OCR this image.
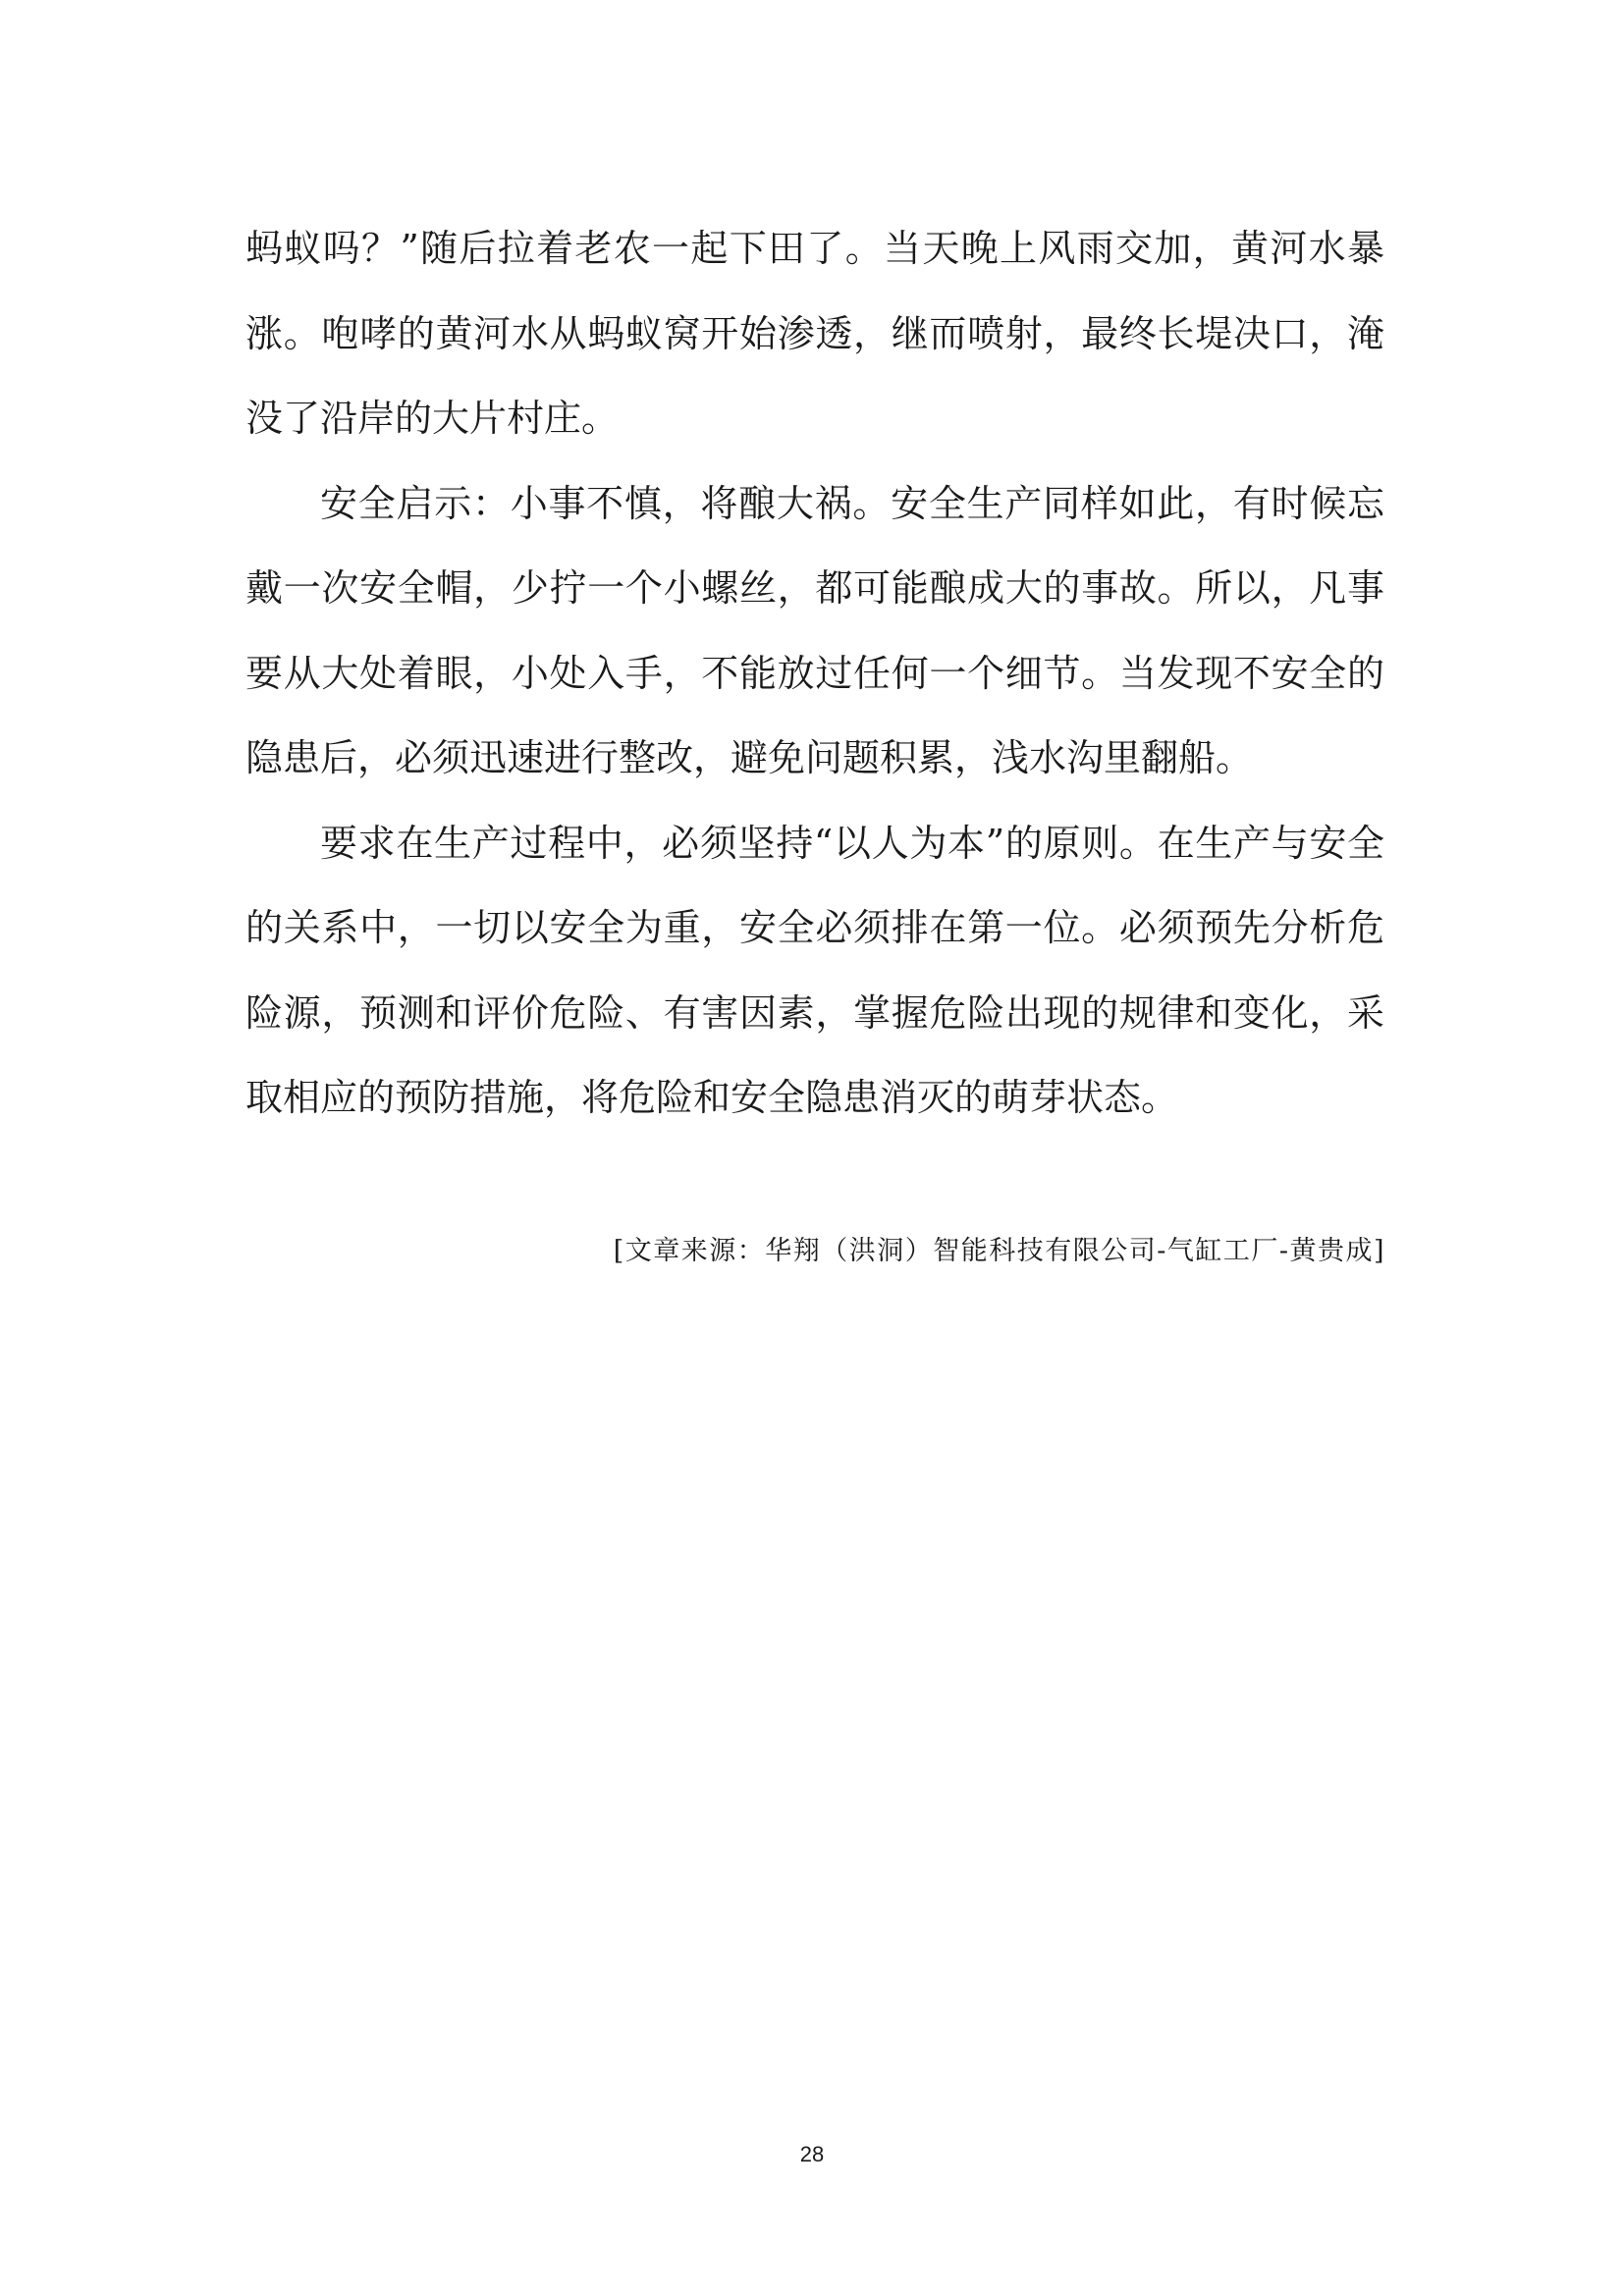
蚂蚁吗？”随后拉着老农一起下田了。当天晚上风雨交加，黄河水暴涨。咆哮的黄河水从蚂蚁窝开始渗透，继而喷射，最终长堤决口，淹没了沿岸的大片村庄。

安全启示：小事不慎，将酿大祸。安全生产同样如此，有时候忘戴一次安全帽，少拧一个小螺丝，都可能酿成大的事故。所以，凡事要从大处着眼，小处入手，不能放过任何一个细节。当发现不安全的隐患后，必须迅速进行整改，避免问题积累，浅水沟里翻船。

要求在生产过程中，必须坚持“以人为本”的原则。在生产与安全的关系中，一切以安全为重，安全必须排在第一位。必须预先分析危险源，预测和评价危险、有害因素，掌握危险出现的规律和变化，采取相应的预防措施，将危险和安全隐患消灭的萌芽状态。

[文章来源：华翔（洪洞）智能科技有限公司-气缸工厂-黄贵成]
28
